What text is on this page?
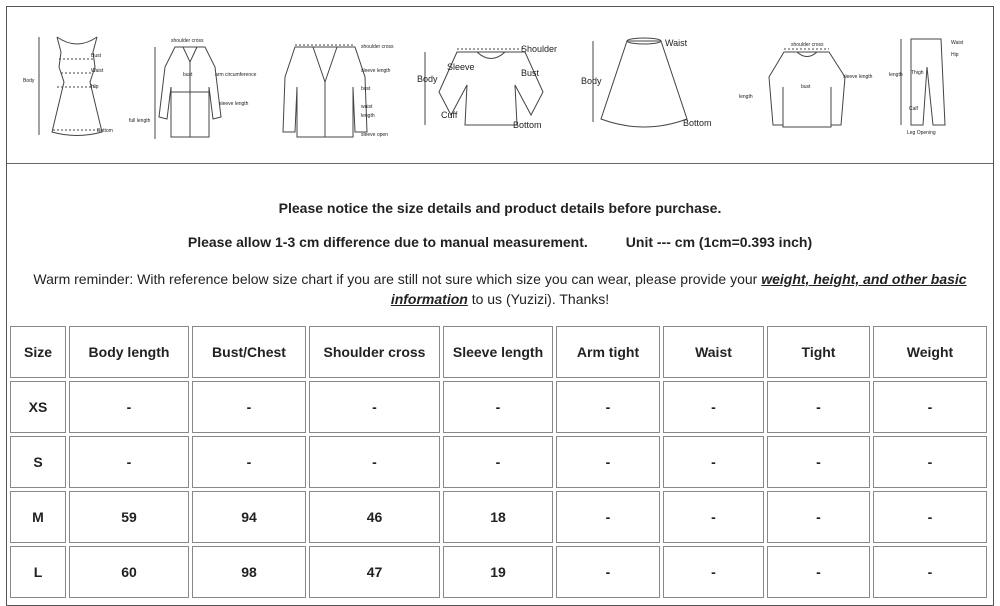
Bust
Waist
Body
Hip
Bottom
shoulder cross
bust	arm circumference
sleeve length
full length
shoulder cross
sleeve length
bust
waist
length
sleeve open
Shoulder
Sleeve
Bust
Body
Cuff
Bottom
Waist
Body
Bottom
shoulder cross
bust
length
sleeve length
Waist
Hip
length Thigh
Calf
Leg Opening
Please notice the size details and product details before purchase.
Please allow 1-3 cm difference due to manual measurement.	Unit --- cm (1cm=0.393 inch)
Warm reminder: With reference below size chart if you are still not sure which size you can wear, please provide your weight, height, and other basic information to us (Yuzizi). Thanks!
Size	Body length	Bust/Chest	Shoulder cross	Sleeve length	Arm tight	Waist	Tight	Weight
XS	-	-	-	-	-	-	-	-
S	-	-	-	-	-	-	-	-
M	59	94	46	18	-	-	-	-
L	60	98	47	19	-	-	-	-
